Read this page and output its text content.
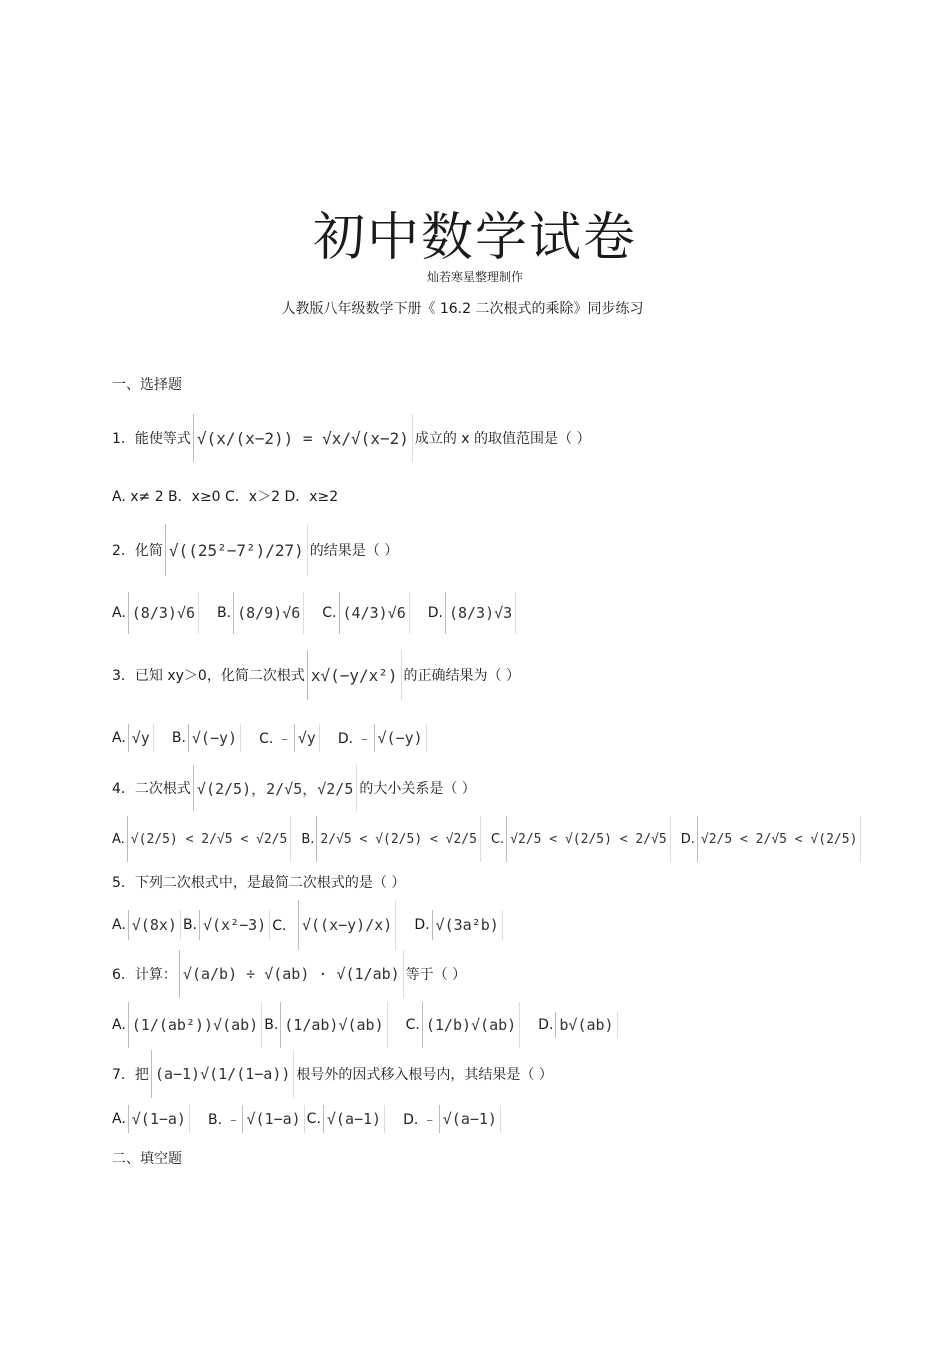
初中数学试卷
灿若寒星整理制作
人教版八年级数学下册《 16.2 二次根式的乘除》同步练习
一、选择题
1．能使等式 √(x/(x−2)) = √x/√(x−2) 成立的 x 的取值范围是（ ）
A. x≠ 2 B．x≥0 C．x＞2 D．x≥2
2．化简 √((25²−7²)/27) 的结果是（ ）
A. (8/3)√6 B. (8/9)√6 C. (4/3)√6 D. (8/3)√3
3．已知 xy＞0，化简二次根式 x√(−y/x²) 的正确结果为（ ）
A. √y B. √(−y) C. ﹣ √y D. ﹣ √(−y)
4．二次根式 √(2/5)，2/√5，√2/5 的大小关系是（ ）
A. √(2/5) < 2/√5 < √2/5	B. 2/√5 < √(2/5) < √2/5	C. √2/5 < √(2/5) < 2/√5	D. √2/5 < 2/√5 < √(2/5)
5．下列二次根式中，是最简二次根式的是（ ）
A. √(8x) B. √(x²−3) C． √((x−y)/x) D. √(3a²b)
6．计算： √(a/b) ÷ √(ab) · √(1/ab) 等于（ ）
A. (1/(ab²))√(ab) B. (1/ab)√(ab) C. (1/b)√(ab) D. b√(ab)
7．把 (a−1)√(1/(1−a)) 根号外的因式移入根号内，其结果是（ ）
A. √(1−a) B. ﹣ √(1−a) C. √(a−1) D. ﹣ √(a−1)
二、填空题
